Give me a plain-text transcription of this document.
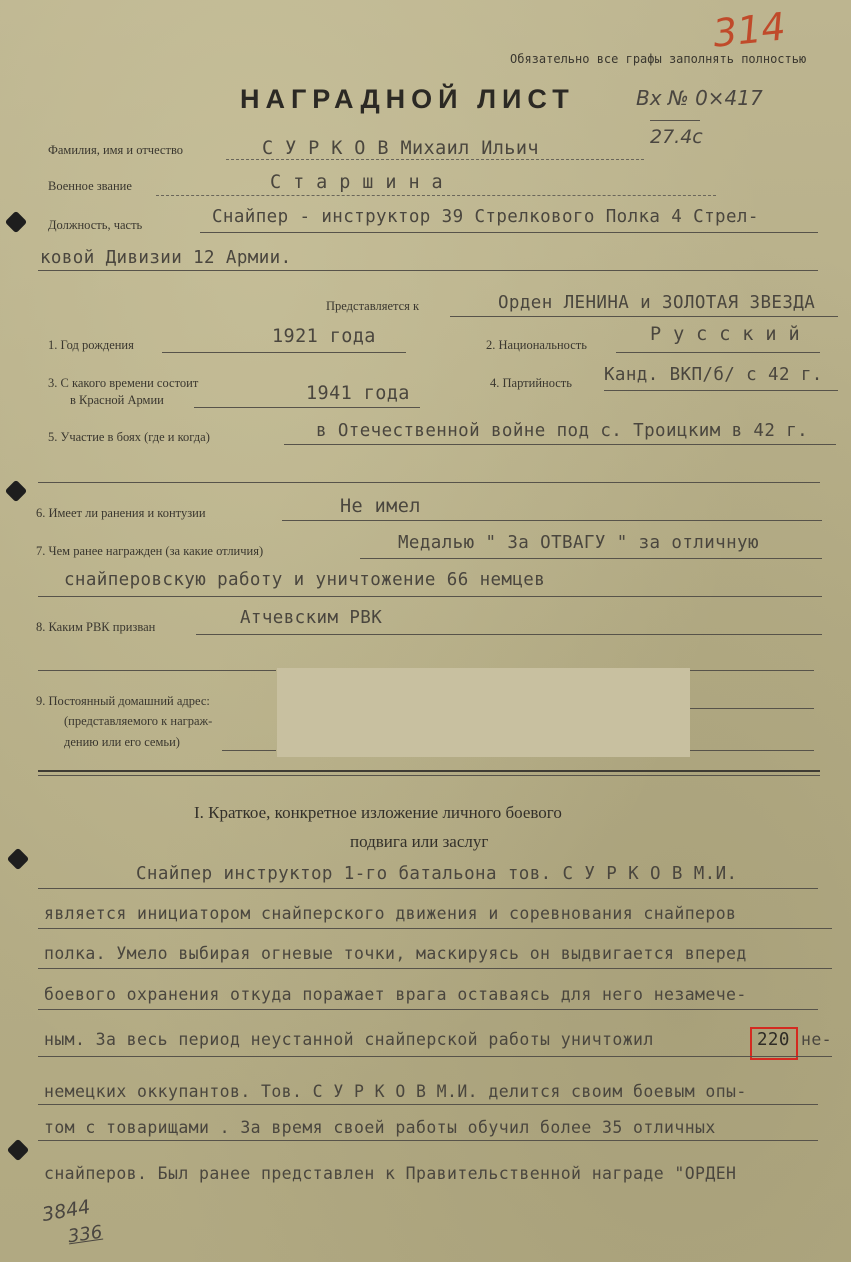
Обязательно все графы заполнять полностью
314
НАГРАДНОЙ ЛИСТ	Вх № 0×417
27.4с
Фамилия, имя и отчество	С У Р К О В Михаил Ильич
Военное звание	С т а р ш и н а
Должность, часть	Снайпер - инструктор 39 Стрелкового Полка 4 Стрел-
ковой Дивизии 12 Армии.
Представляется к	Орден ЛЕНИНА и ЗОЛОТАЯ ЗВЕЗДА
1. Год рождения	1921 года	2. Национальность	Р у с с к и й
3. С какого времени состоит
в Красной Армии	1941 года	4. Партийность Канд. ВКП/б/ с 42 г.
5. Участие в боях (где и когда)	в Отечественной войне под с. Троицким в 42 г.
6. Имеет ли ранения и контузии	Не имел
7. Чем ранее награжден (за какие отличия)	Медалью " За ОТВАГУ " за отличную
снайперовскую работу и уничтожение 66 немцев
8. Каким РВК призван	Атчевским РВК
9. Постоянный домашний адрес:
(представляемого к награж-
дению или его семьи)
I. Краткое, конкретное изложение личного боевого
подвига или заслуг
Снайпер инструктор 1-го батальона тов. С У Р К О В М.И.
является инициатором снайперского движения и соревнования снайперов
полка. Умело выбирая огневые точки, маскируясь он выдвигается вперед
боевого охранения откуда поражает врага оставаясь для него незамече-
ным. За весь период неустанной снайперской работы уничтожил	220 не-
немецких оккупантов. Тов. С У Р К О В М.И. делится своим боевым опы-
том с товарищами . За время своей работы обучил более 35 отличных
снайперов. Был ранее представлен к Правительственной награде "ОРДЕН
3844
336
